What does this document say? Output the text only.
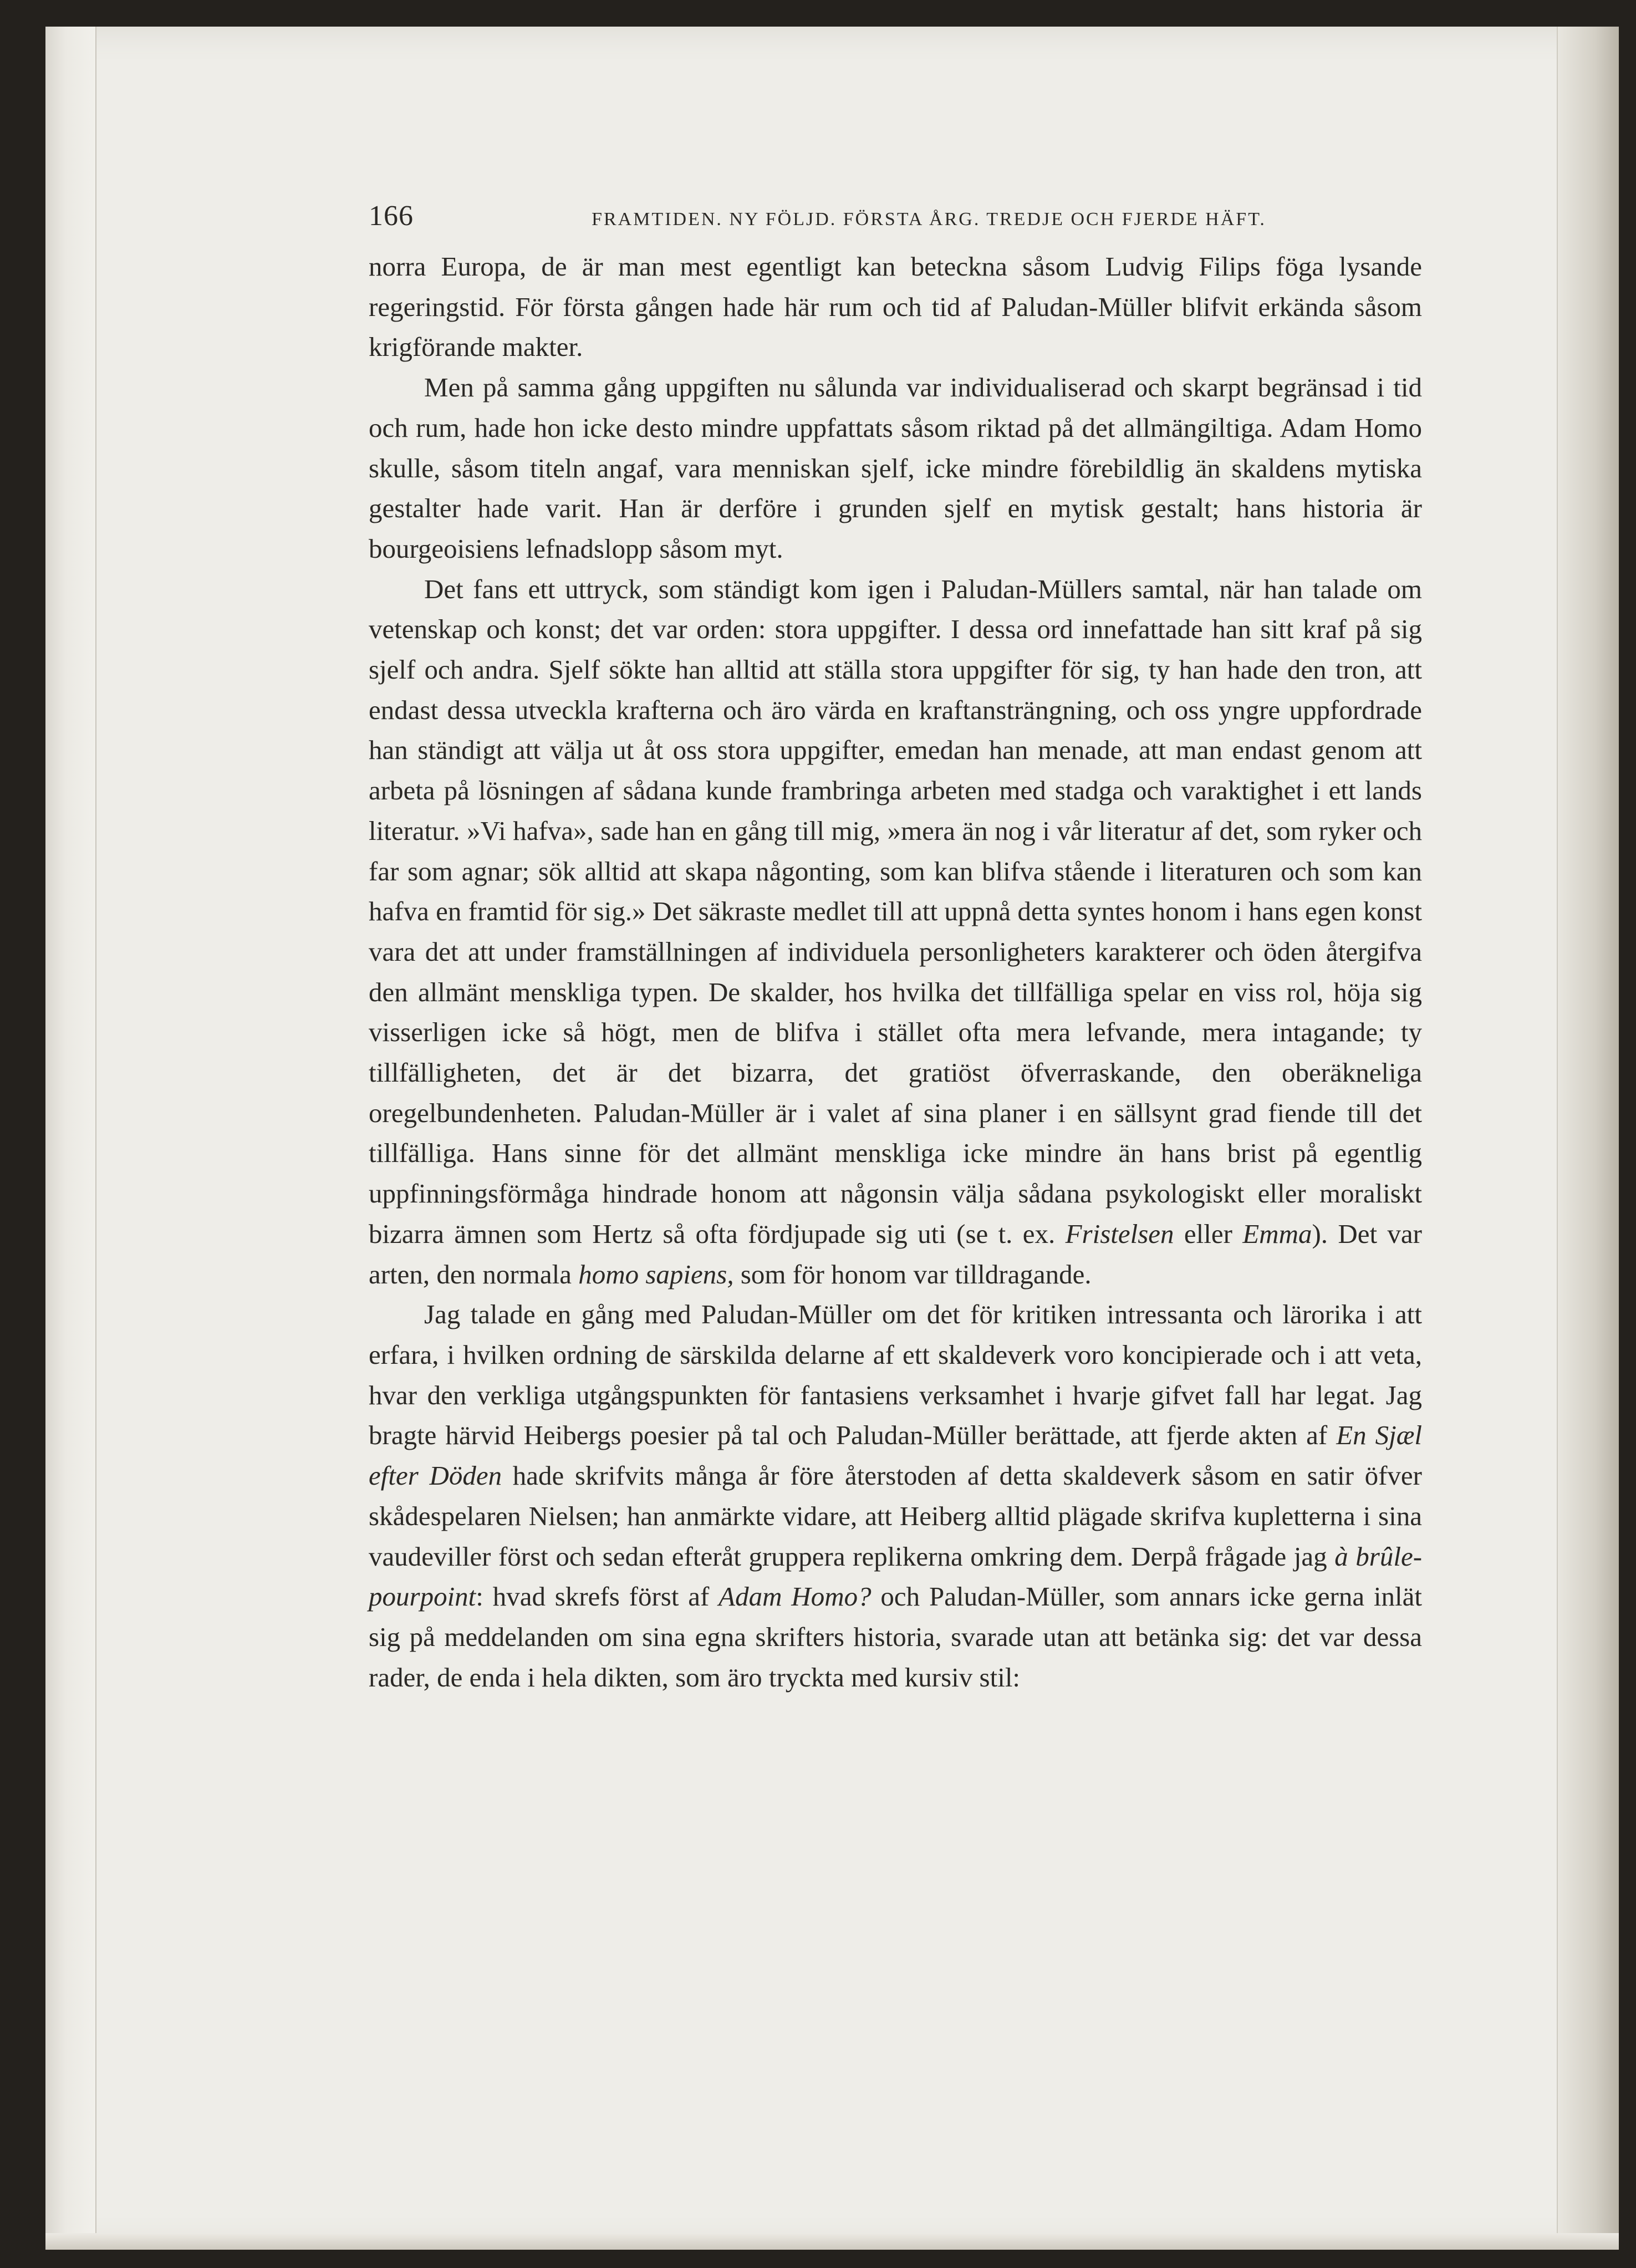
166	FRAMTIDEN. NY FÖLJD. FÖRSTA ÅRG. TREDJE OCH FJERDE HÄFT.

norra Europa, de är man mest egentligt kan beteckna såsom Ludvig Filips föga lysande regeringstid. För första gången hade här rum och tid af Paludan-Müller blifvit erkända såsom krigförande makter.

Men på samma gång uppgiften nu sålunda var individualiserad och skarpt begränsad i tid och rum, hade hon icke desto mindre uppfattats såsom riktad på det allmängiltiga. Adam Homo skulle, såsom titeln angaf, vara menniskan sjelf, icke mindre förebildlig än skaldens mytiska gestalter hade varit. Han är derföre i grunden sjelf en mytisk gestalt; hans historia är bourgeoisiens lefnadslopp såsom myt.

Det fans ett uttryck, som ständigt kom igen i Paludan-Müllers samtal, när han talade om vetenskap och konst; det var orden: stora uppgifter. I dessa ord innefattade han sitt kraf på sig sjelf och andra. Sjelf sökte han alltid att ställa stora uppgifter för sig, ty han hade den tron, att endast dessa utveckla krafterna och äro värda en kraftansträngning, och oss yngre uppfordrade han ständigt att välja ut åt oss stora uppgifter, emedan han menade, att man endast genom att arbeta på lösningen af sådana kunde frambringa arbeten med stadga och varaktighet i ett lands literatur. »Vi hafva», sade han en gång till mig, »mera än nog i vår literatur af det, som ryker och far som agnar; sök alltid att skapa någonting, som kan blifva stående i literaturen och som kan hafva en framtid för sig.» Det säkraste medlet till att uppnå detta syntes honom i hans egen konst vara det att under framställningen af individuela personligheters karakterer och öden återgifva den allmänt menskliga typen. De skalder, hos hvilka det tillfälliga spelar en viss rol, höja sig visserligen icke så högt, men de blifva i stället ofta mera lefvande, mera intagande; ty tillfälligheten, det är det bizarra, det gratiöst öfverraskande, den oberäkneliga oregelbundenheten. Paludan-Müller är i valet af sina planer i en sällsynt grad fiende till det tillfälliga. Hans sinne för det allmänt menskliga icke mindre än hans brist på egentlig uppfinningsförmåga hindrade honom att någonsin välja sådana psykologiskt eller moraliskt bizarra ämnen som Hertz så ofta fördjupade sig uti (se t. ex. Fristelsen eller Emma). Det var arten, den normala homo sapiens, som för honom var tilldragande.

Jag talade en gång med Paludan-Müller om det för kritiken intressanta och lärorika i att erfara, i hvilken ordning de särskilda delarne af ett skaldeverk voro koncipierade och i att veta, hvar den verkliga utgångspunkten för fantasiens verksamhet i hvarje gifvet fall har legat. Jag bragte härvid Heibergs poesier på tal och Paludan-Müller berättade, att fjerde akten af En Sjæl efter Döden hade skrifvits många år före återstoden af detta skaldeverk såsom en satir öfver skådespelaren Nielsen; han anmärkte vidare, att Heiberg alltid plägade skrifva kupletterna i sina vaudeviller först och sedan efteråt gruppera replikerna omkring dem. Derpå frågade jag à brûle-pourpoint: hvad skrefs först af Adam Homo? och Paludan-Müller, som annars icke gerna inlät sig på meddelanden om sina egna skrifters historia, svarade utan att betänka sig: det var dessa rader, de enda i hela dikten, som äro tryckta med kursiv stil:
